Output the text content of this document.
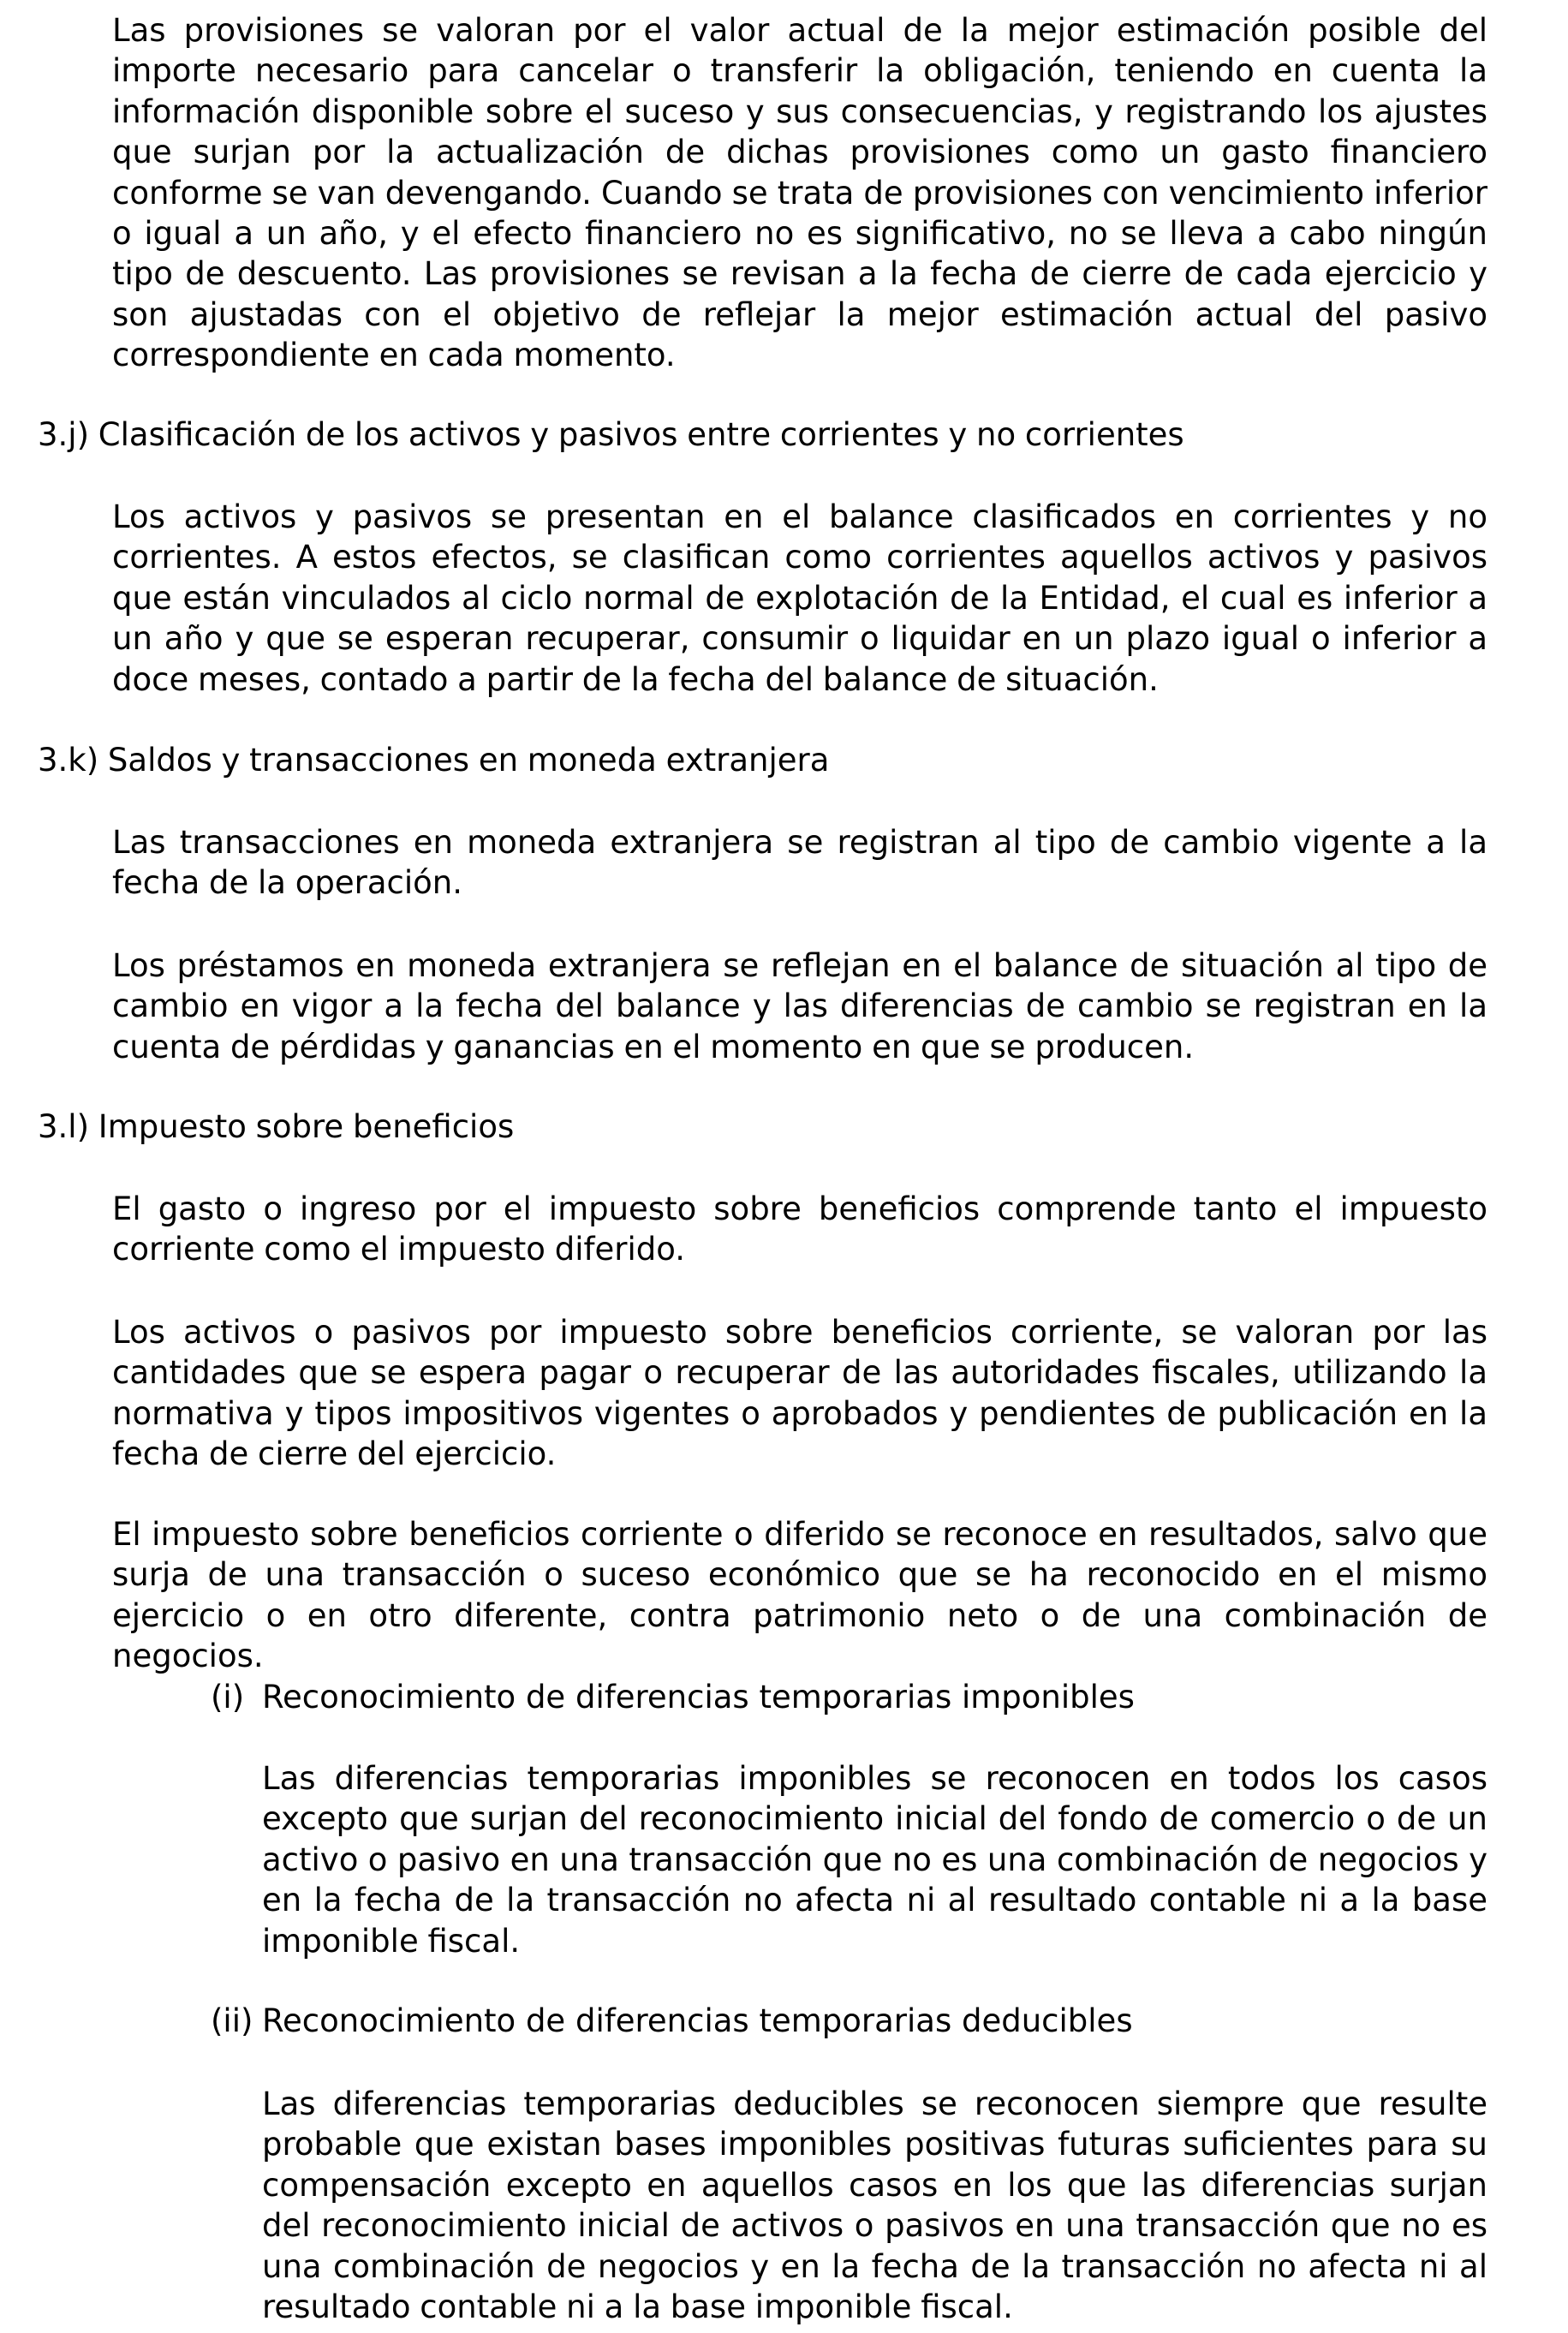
Las provisiones se valoran por el valor actual de la mejor estimación posible del importe necesario para cancelar o transferir la obligación, teniendo en cuenta la información disponible sobre el suceso y sus consecuencias, y registrando los ajustes que surjan por la actualización de dichas provisiones como un gasto financiero conforme se van devengando. Cuando se trata de provisiones con vencimiento inferior o igual a un año, y el efecto financiero no es significativo, no se lleva a cabo ningún tipo de descuento. Las provisiones se revisan a la fecha de cierre de cada ejercicio y son ajustadas con el objetivo de reflejar la mejor estimación actual del pasivo correspondiente en cada momento.

3.j) Clasificación de los activos y pasivos entre corrientes y no corrientes

Los activos y pasivos se presentan en el balance clasificados en corrientes y no corrientes. A estos efectos, se clasifican como corrientes aquellos activos y pasivos que están vinculados al ciclo normal de explotación de la Entidad, el cual es inferior a un año y que se esperan recuperar, consumir o liquidar en un plazo igual o inferior a doce meses, contado a partir de la fecha del balance de situación.

3.k) Saldos y transacciones en moneda extranjera

Las transacciones en moneda extranjera se registran al tipo de cambio vigente a la fecha de la operación.

Los préstamos en moneda extranjera se reflejan en el balance de situación al tipo de cambio en vigor a la fecha del balance y las diferencias de cambio se registran en la cuenta de pérdidas y ganancias en el momento en que se producen.

3.l) Impuesto sobre beneficios

El gasto o ingreso por el impuesto sobre beneficios comprende tanto el impuesto corriente como el impuesto diferido.

Los activos o pasivos por impuesto sobre beneficios corriente, se valoran por las cantidades que se espera pagar o recuperar de las autoridades fiscales, utilizando la normativa y tipos impositivos vigentes o aprobados y pendientes de publicación en la fecha de cierre del ejercicio.

El impuesto sobre beneficios corriente o diferido se reconoce en resultados, salvo que surja de una transacción o suceso económico que se ha reconocido en el mismo ejercicio o en otro diferente, contra patrimonio neto o de una combinación de negocios.

(i) Reconocimiento de diferencias temporarias imponibles

Las diferencias temporarias imponibles se reconocen en todos los casos excepto que surjan del reconocimiento inicial del fondo de comercio o de un activo o pasivo en una transacción que no es una combinación de negocios y en la fecha de la transacción no afecta ni al resultado contable ni a la base imponible fiscal.

(ii) Reconocimiento de diferencias temporarias deducibles

Las diferencias temporarias deducibles se reconocen siempre que resulte probable que existan bases imponibles positivas futuras suficientes para su compensación excepto en aquellos casos en los que las diferencias surjan del reconocimiento inicial de activos o pasivos en una transacción que no es una combinación de negocios y en la fecha de la transacción no afecta ni al resultado contable ni a la base imponible fiscal.
